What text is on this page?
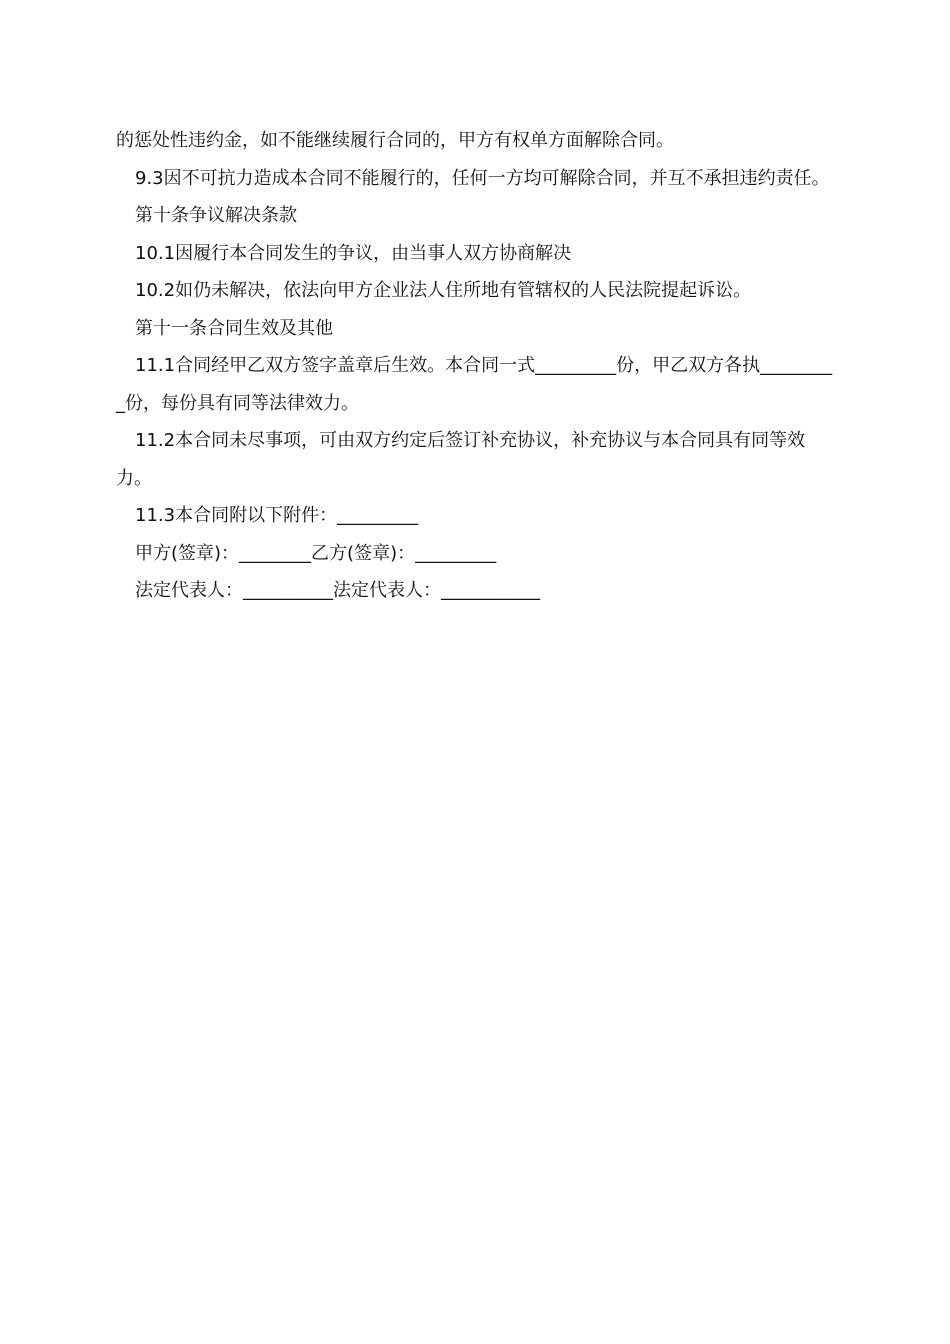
的惩处性违约金，如不能继续履行合同的，甲方有权单方面解除合同。

9.3因不可抗力造成本合同不能履行的，任何一方均可解除合同，并互不承担违约责任。

第十条争议解决条款

10.1因履行本合同发生的争议，由当事人双方协商解决

10.2如仍未解决，依法向甲方企业法人住所地有管辖权的人民法院提起诉讼。

第十一条合同生效及其他

11.1合同经甲乙双方签字盖章后生效。本合同一式_________份，甲乙双方各执_________份，每份具有同等法律效力。

11.2本合同未尽事项，可由双方约定后签订补充协议，补充协议与本合同具有同等效力。

11.3本合同附以下附件：_________

甲方(签章)：________乙方(签章)：_________

法定代表人：__________法定代表人：___________
